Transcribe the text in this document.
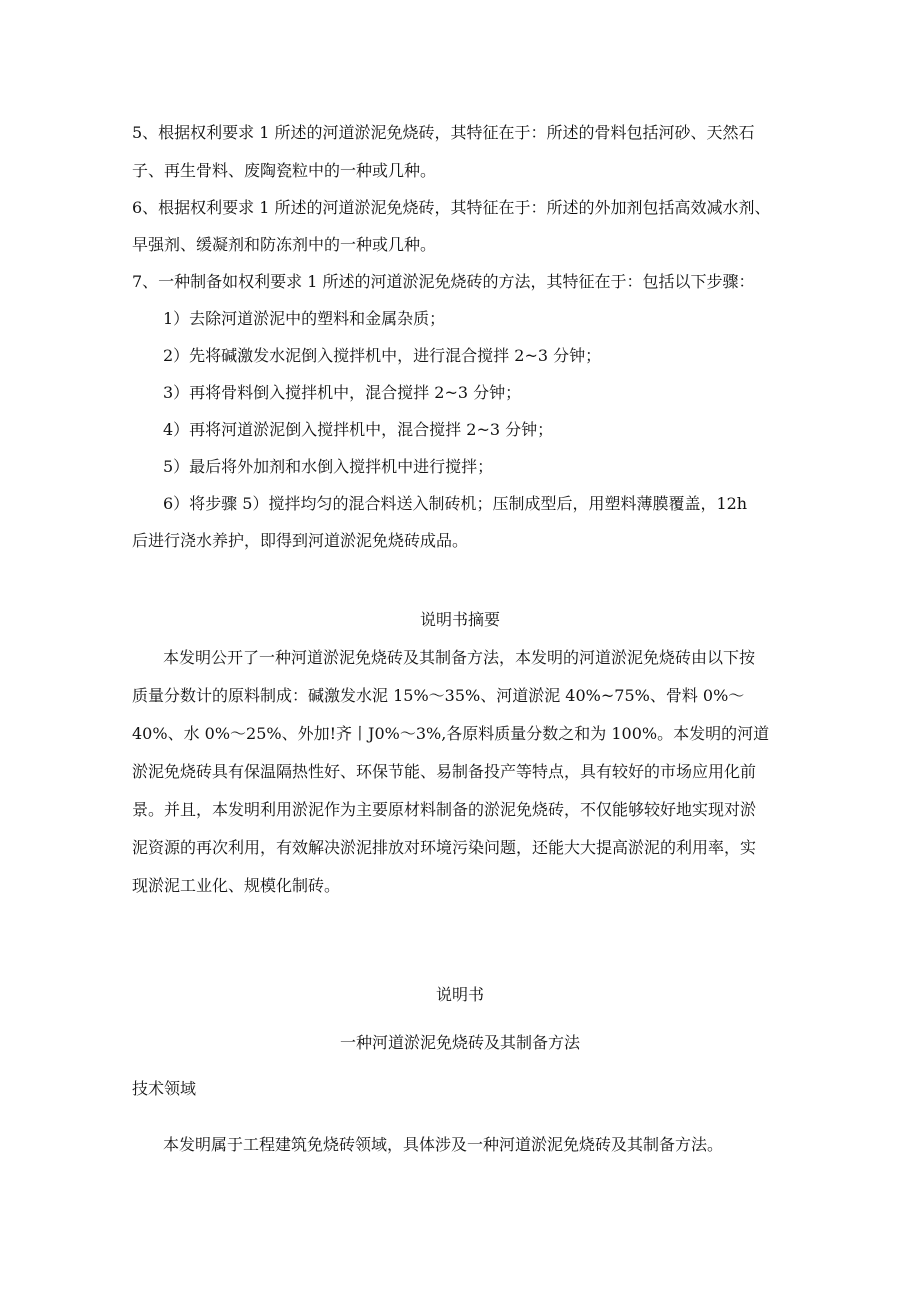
5、根据权利要求 1 所述的河道淤泥免烧砖，其特征在于：所述的骨料包括河砂、天然石

子、再生骨料、废陶瓷粒中的一种或几种。

6、根据权利要求 1 所述的河道淤泥免烧砖，其特征在于：所述的外加剂包括高效减水剂、

早强剂、缓凝剂和防冻剂中的一种或几种。

7、一种制备如权利要求 1 所述的河道淤泥免烧砖的方法，其特征在于：包括以下步骤：

1）去除河道淤泥中的塑料和金属杂质；

2）先将碱激发水泥倒入搅拌机中，进行混合搅拌 2~3 分钟；

3）再将骨料倒入搅拌机中，混合搅拌 2~3 分钟；

4）再将河道淤泥倒入搅拌机中，混合搅拌 2~3 分钟；

5）最后将外加剂和水倒入搅拌机中进行搅拌；

6）将步骤 5）搅拌均匀的混合料送入制砖机；压制成型后，用塑料薄膜覆盖，12h

后进行浇水养护，即得到河道淤泥免烧砖成品。

说明书摘要

本发明公开了一种河道淤泥免烧砖及其制备方法，本发明的河道淤泥免烧砖由以下按

质量分数计的原料制成：碱激发水泥 15%～35%、河道淤泥 40%~75%、骨料 0%～

40%、水 0%～25%、外加!齐丨J0%～3%,各原料质量分数之和为 100%。本发明的河道

淤泥免烧砖具有保温隔热性好、环保节能、易制备投产等特点，具有较好的市场应用化前

景。并且，本发明利用淤泥作为主要原材料制备的淤泥免烧砖，不仅能够较好地实现对淤

泥资源的再次利用，有效解决淤泥排放对环境污染问题，还能大大提高淤泥的利用率，实

现淤泥工业化、规模化制砖。

说明书

一种河道淤泥免烧砖及其制备方法

技术领域

本发明属于工程建筑免烧砖领域，具体涉及一种河道淤泥免烧砖及其制备方法。
